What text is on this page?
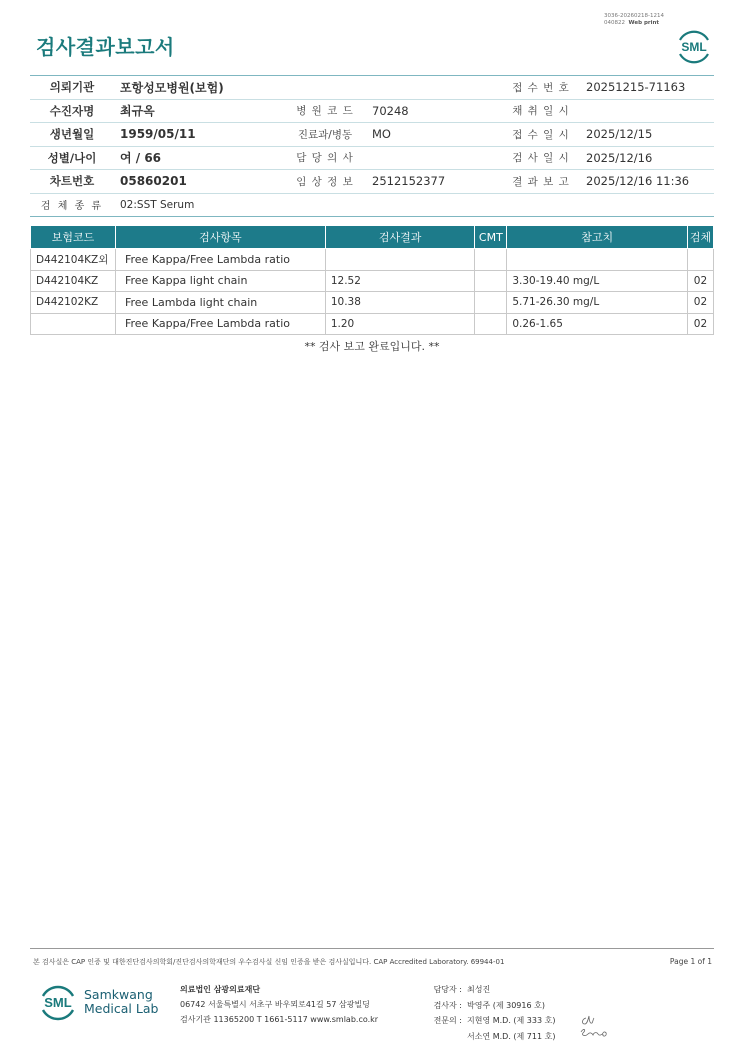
3036-20260218-1214
040822 Web print
검사결과보고서	SML
의뢰기관	포항성모병원(보험)			접 수 번 호	20251215-71163
수진자명	최규옥	병 원 코 드	70248	채 취 일 시	
생년월일	1959/05/11	진료과/병동	MO	접 수 일 시	2025/12/15
성별/나이	여 / 66	담 당 의 사		검 사 일 시	2025/12/16
차트번호	05860201	임 상 정 보	2512152377	결 과 보 고	2025/12/16 11:36
검 체 종 류	02:SST Serum				
보험코드	검사항목	검사결과	CMT	참고치	검체
D442104KZ외	Free Kappa/Free Lambda ratio				
D442104KZ	Free Kappa light chain	12.52		3.30-19.40 mg/L	02
D442102KZ	Free Lambda light chain	10.38		5.71-26.30 mg/L	02
	Free Kappa/Free Lambda ratio	1.20		0.26-1.65	02
** 검사 보고 완료입니다. **
본 검사실은 CAP 인증 및 대한진단검사의학회/진단검사의학재단의 우수검사실 신임 인증을 받은 검사실입니다. CAP Accredited Laboratory. 69944-01	Page 1 of 1
SML
Samkwang
Medical Lab
의료법인 삼광의료재단
06742 서울특별시 서초구 바우뫼로41길 57 삼광빌딩
검사기관 11365200 T 1661-5117 www.smlab.co.kr
담당자 : 최성진
검사자 : 박영주 (제 30916 호)
전문의 : 지현영 M.D. (제 333 호)
서소연 M.D. (제 711 호)
